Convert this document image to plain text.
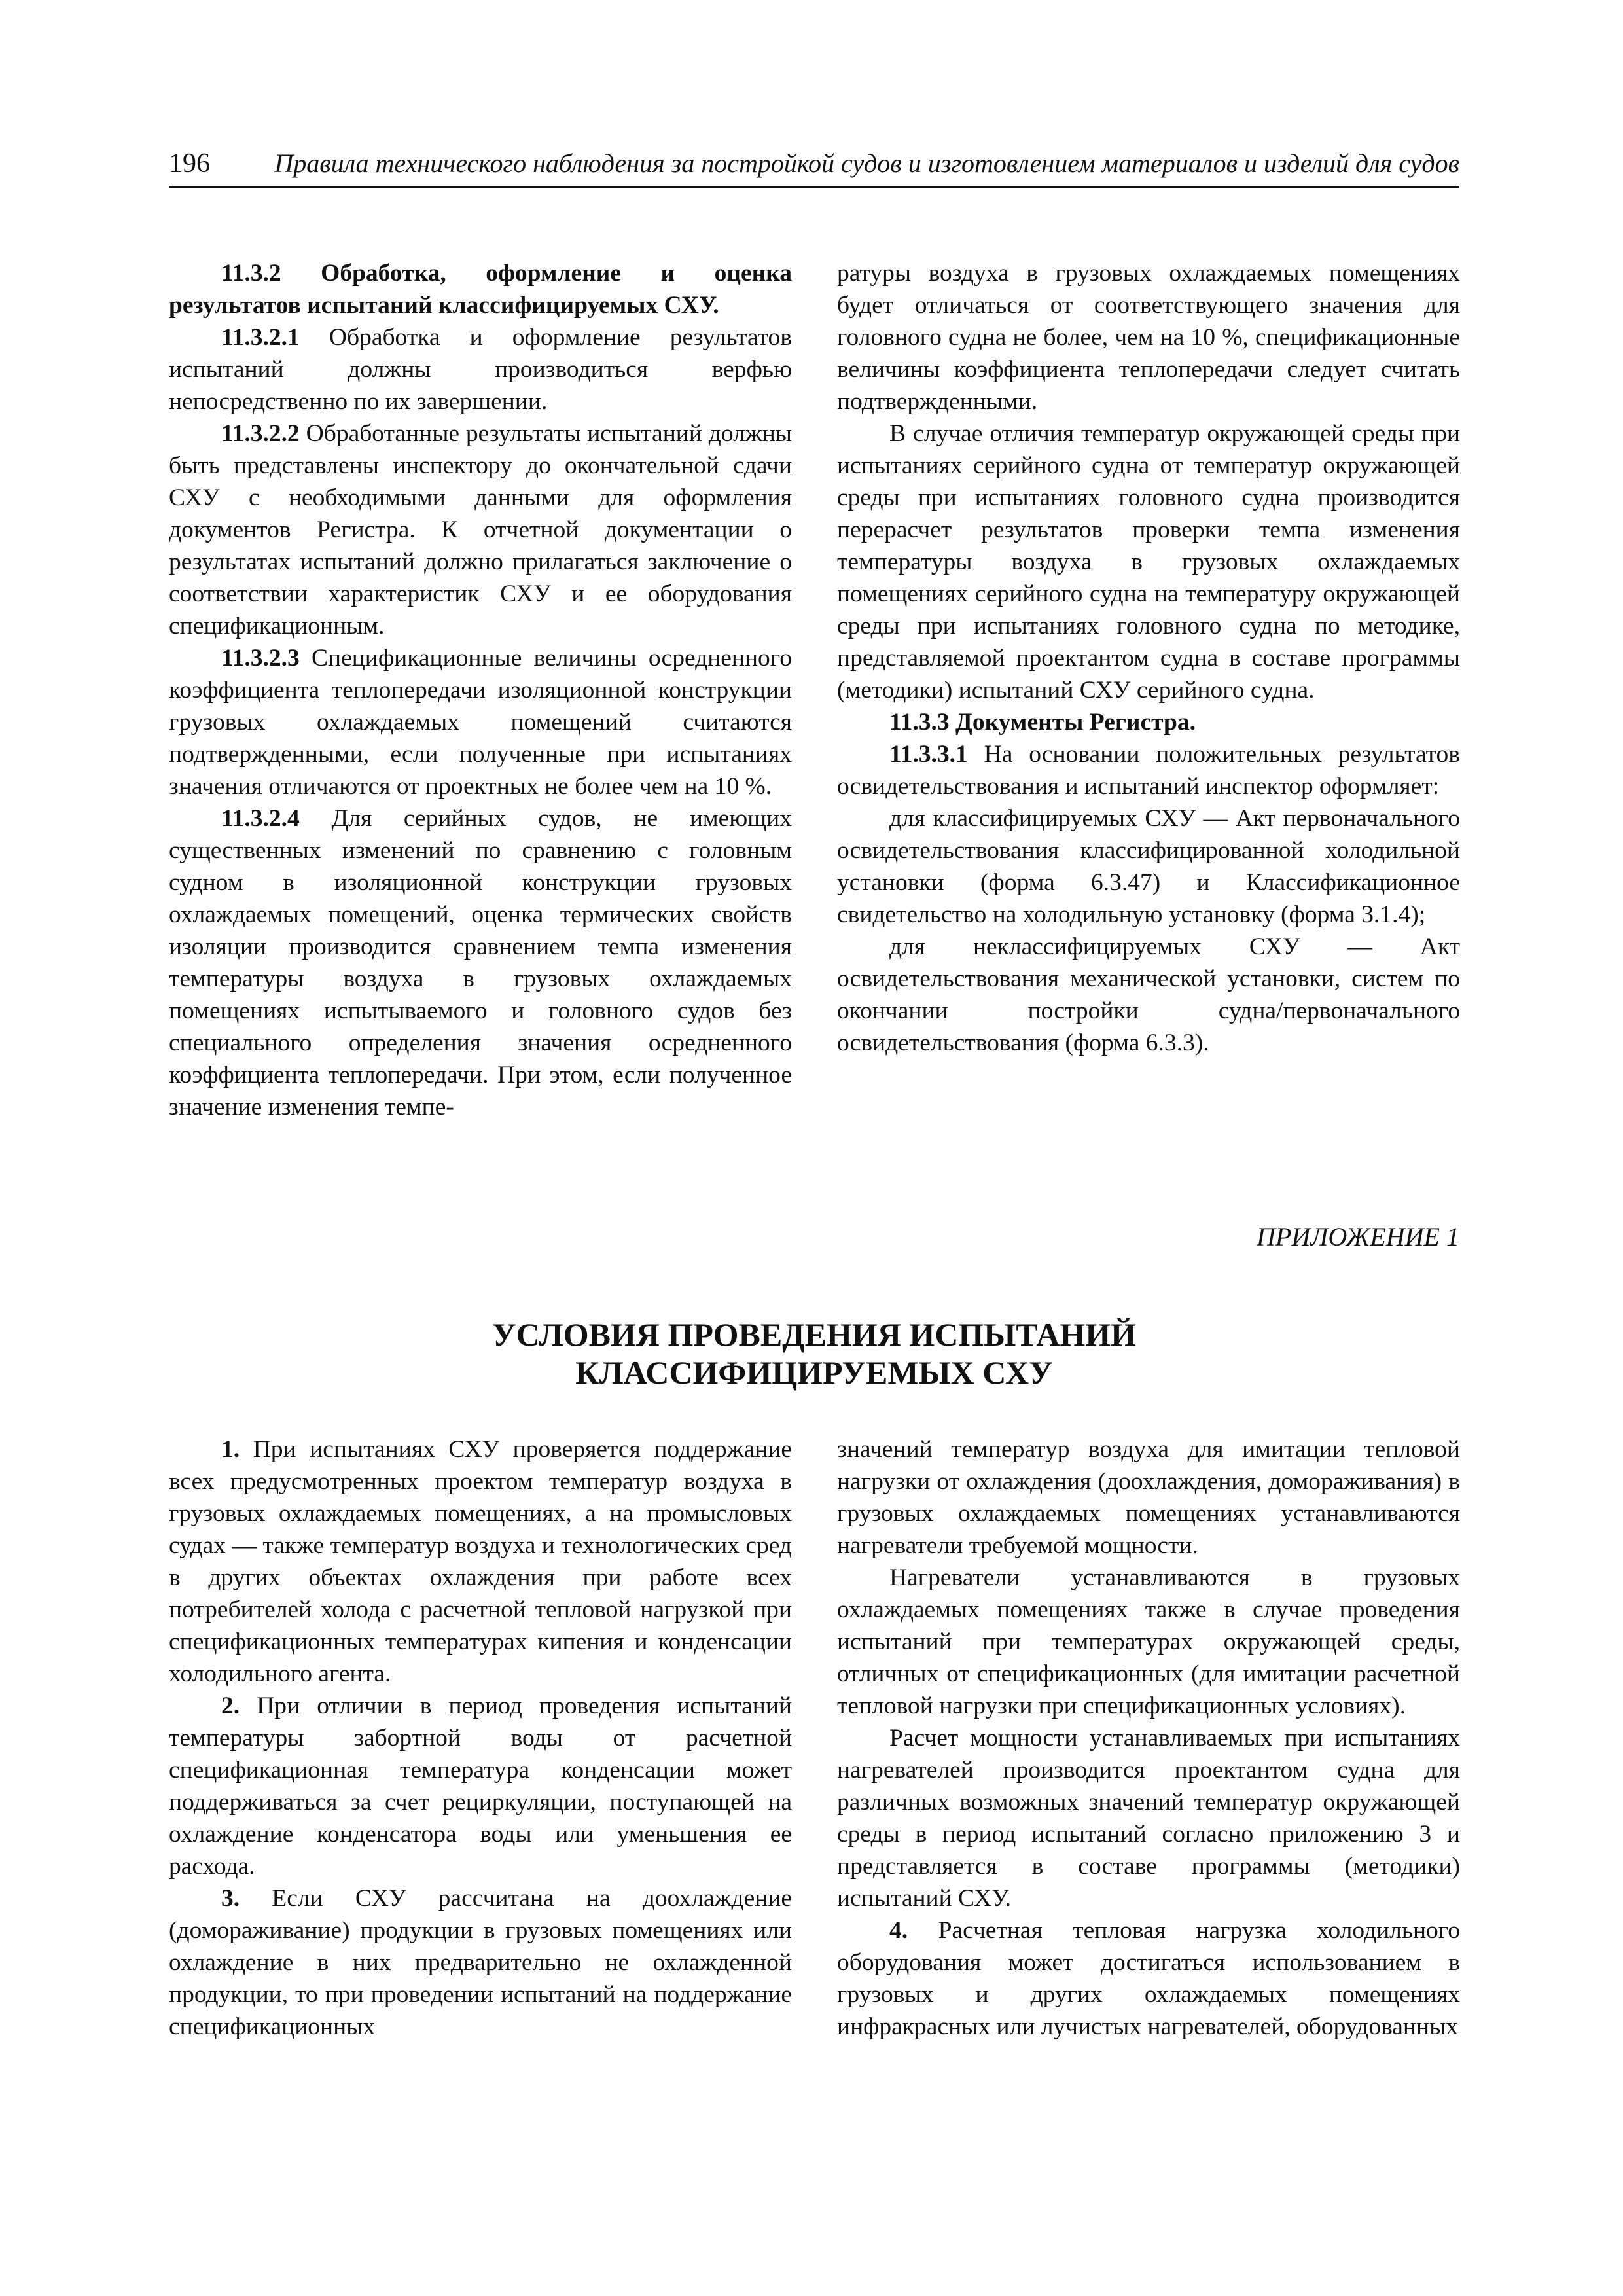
196 Правила технического наблюдения за постройкой судов и изготовлением материалов и изделий для судов

11.3.2 Обработка, оформление и оценка результатов испытаний классифицируемых СХУ.

11.3.2.1 Обработка и оформление результатов испытаний должны производиться верфью непосредственно по их завершении.

11.3.2.2 Обработанные результаты испытаний должны быть представлены инспектору до окончательной сдачи СХУ с необходимыми данными для оформления документов Регистра. К отчетной документации о результатах испытаний должно прилагаться заключение о соответствии характеристик СХУ и ее оборудования спецификационным.

11.3.2.3 Спецификационные величины осредненного коэффициента теплопередачи изоляционной конструкции грузовых охлаждаемых помещений считаются подтвержденными, если полученные при испытаниях значения отличаются от проектных не более чем на 10 %.

11.3.2.4 Для серийных судов, не имеющих существенных изменений по сравнению с головным судном в изоляционной конструкции грузовых охлаждаемых помещений, оценка термических свойств изоляции производится сравнением темпа изменения температуры воздуха в грузовых охлаждаемых помещениях испытываемого и головного судов без специального определения значения осредненного коэффициента теплопередачи. При этом, если полученное значение изменения темпе-

ратуры воздуха в грузовых охлаждаемых помещениях будет отличаться от соответствующего значения для головного судна не более, чем на 10 %, спецификационные величины коэффициента теплопередачи следует считать подтвержденными.

В случае отличия температур окружающей среды при испытаниях серийного судна от температур окружающей среды при испытаниях головного судна производится перерасчет результатов проверки темпа изменения температуры воздуха в грузовых охлаждаемых помещениях серийного судна на температуру окружающей среды при испытаниях головного судна по методике, представляемой проектантом судна в составе программы (методики) испытаний СХУ серийного судна.

11.3.3 Документы Регистра.

11.3.3.1 На основании положительных результатов освидетельствования и испытаний инспектор оформляет:

для классифицируемых СХУ — Акт первоначального освидетельствования классифицированной холодильной установки (форма 6.3.47) и Классификационное свидетельство на холодильную установку (форма 3.1.4);

для неклассифицируемых СХУ — Акт освидетельствования механической установки, систем по окончании постройки судна/первоначального освидетельствования (форма 6.3.3).

ПРИЛОЖЕНИЕ 1
УСЛОВИЯ ПРОВЕДЕНИЯ ИСПЫТАНИЙ
КЛАССИФИЦИРУЕМЫХ СХУ

1. При испытаниях СХУ проверяется поддержание всех предусмотренных проектом температур воздуха в грузовых охлаждаемых помещениях, а на промысловых судах — также температур воздуха и технологических сред в других объектах охлаждения при работе всех потребителей холода с расчетной тепловой нагрузкой при спецификационных температурах кипения и конденсации холодильного агента.

2. При отличии в период проведения испытаний температуры забортной воды от расчетной спецификационная температура конденсации может поддерживаться за счет рециркуляции, поступающей на охлаждение конденсатора воды или уменьшения ее расхода.

3. Если СХУ рассчитана на доохлаждение (домораживание) продукции в грузовых помещениях или охлаждение в них предварительно не охлажденной продукции, то при проведении испытаний на поддержание спецификационных

значений температур воздуха для имитации тепловой нагрузки от охлаждения (доохлаждения, домораживания) в грузовых охлаждаемых помещениях устанавливаются нагреватели требуемой мощности.

Нагреватели устанавливаются в грузовых охлаждаемых помещениях также в случае проведения испытаний при температурах окружающей среды, отличных от спецификационных (для имитации расчетной тепловой нагрузки при спецификационных условиях).

Расчет мощности устанавливаемых при испытаниях нагревателей производится проектантом судна для различных возможных значений температур окружающей среды в период испытаний согласно приложению 3 и представляется в составе программы (методики) испытаний СХУ.

4. Расчетная тепловая нагрузка холодильного оборудования может достигаться использованием в грузовых и других охлаждаемых помещениях инфракрасных или лучистых нагревателей, оборудованных
